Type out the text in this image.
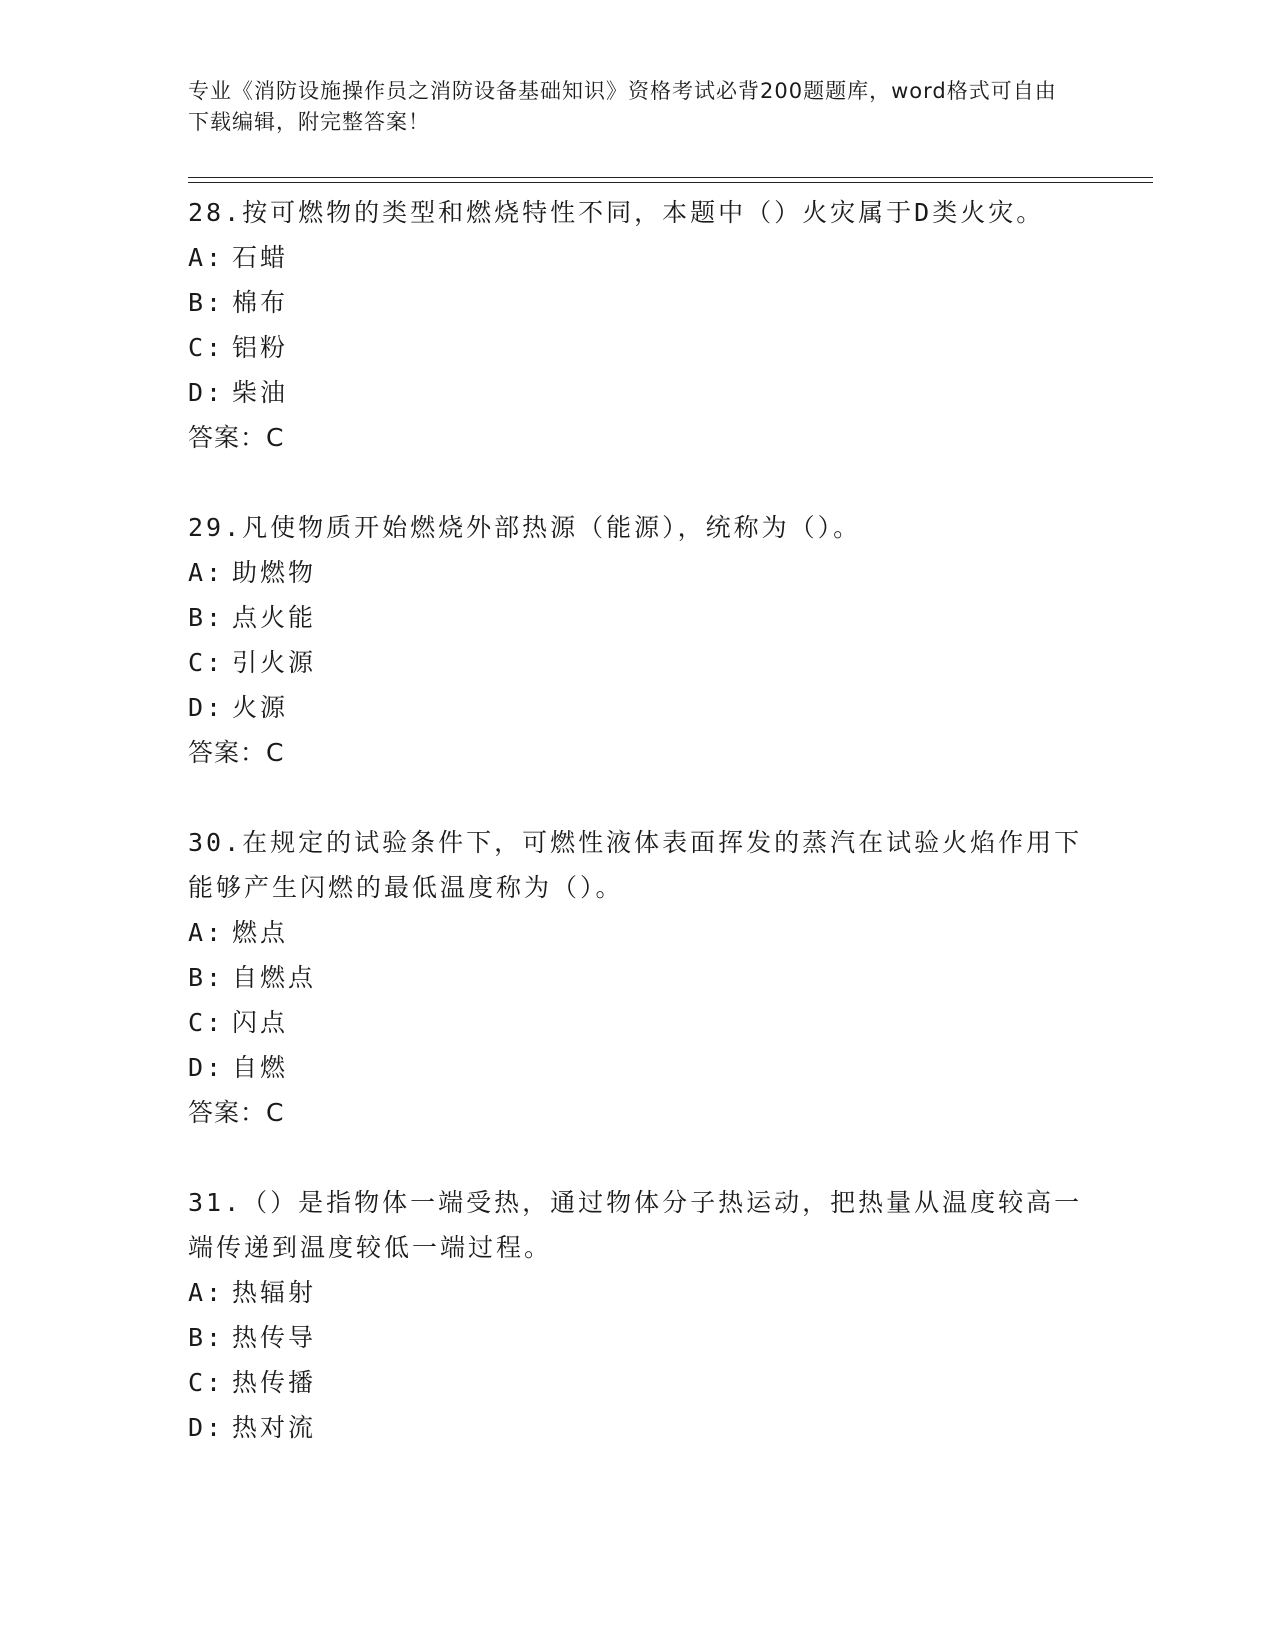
专业《消防设施操作员之消防设备基础知识》资格考试必背200题题库，word格式可自由下载编辑，附完整答案！

28.按可燃物的类型和燃烧特性不同，本题中（）火灾属于D类火灾。

A: 石蜡
B: 棉布
C: 铝粉
D: 柴油
答案：C

29.凡使物质开始燃烧外部热源（能源），统称为（）。

A: 助燃物
B: 点火能
C: 引火源
D: 火源
答案：C

30.在规定的试验条件下，可燃性液体表面挥发的蒸汽在试验火焰作用下能够产生闪燃的最低温度称为（）。

A: 燃点
B: 自燃点
C: 闪点
D: 自燃
答案：C

31.（）是指物体一端受热，通过物体分子热运动，把热量从温度较高一端传递到温度较低一端过程。

A: 热辐射
B: 热传导
C: 热传播
D: 热对流
